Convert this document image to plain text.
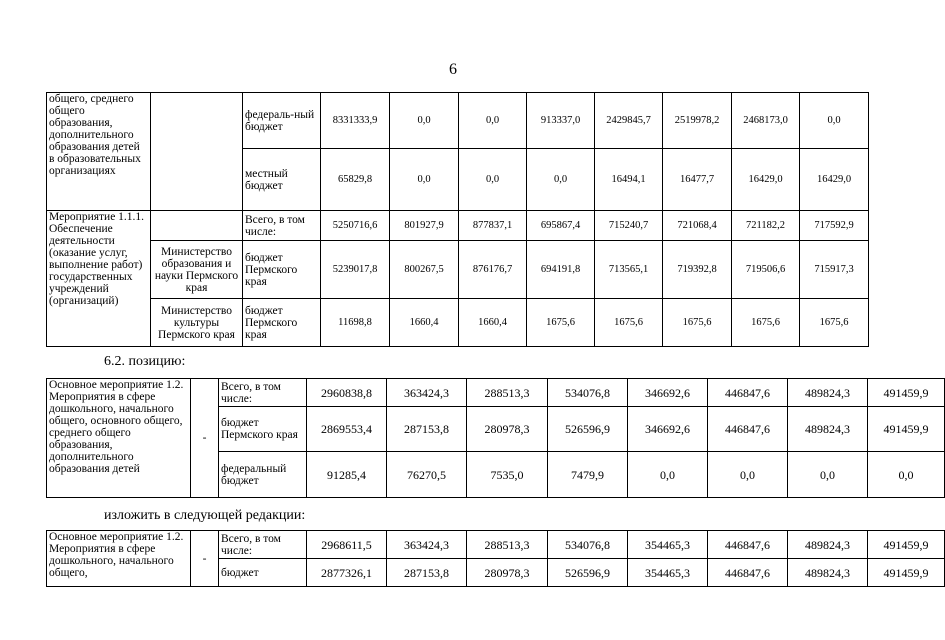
6
общего, среднего общего образования, дополнительного образования детей в образовательных организациях		федераль-ный бюджет	8331333,9	0,0	0,0	913337,0	2429845,7	2519978,2	2468173,0	0,0
		местный бюджет	65829,8	0,0	0,0	0,0	16494,1	16477,7	16429,0	16429,0
Мероприятие 1.1.1. Обеспечение деятельности (оказание услуг, выполнение работ) государственных учреждений (организаций)		Всего, в том числе:	5250716,6	801927,9	877837,1	695867,4	715240,7	721068,4	721182,2	717592,9
	Министерство образования и науки Пермского края	бюджет Пермского края	5239017,8	800267,5	876176,7	694191,8	713565,1	719392,8	719506,6	715917,3
	Министерство культуры Пермского края	бюджет Пермского края	11698,8	1660,4	1660,4	1675,6	1675,6	1675,6	1675,6	1675,6
6.2. позицию:
Основное мероприятие 1.2. Мероприятия в сфере дошкольного, начального общего, основного общего, среднего общего образования, дополнительного образования детей	-	Всего, в том числе:	2960838,8	363424,3	288513,3	534076,8	346692,6	446847,6	489824,3	491459,9
		бюджет Пермского края	2869553,4	287153,8	280978,3	526596,9	346692,6	446847,6	489824,3	491459,9
		федеральный бюджет	91285,4	76270,5	7535,0	7479,9	0,0	0,0	0,0	0,0
изложить в следующей редакции:
Основное мероприятие 1.2. Мероприятия в сфере дошкольного, начального общего,	-	Всего, в том числе:	2968611,5	363424,3	288513,3	534076,8	354465,3	446847,6	489824,3	491459,9
		бюджет	2877326,1	287153,8	280978,3	526596,9	354465,3	446847,6	489824,3	491459,9
